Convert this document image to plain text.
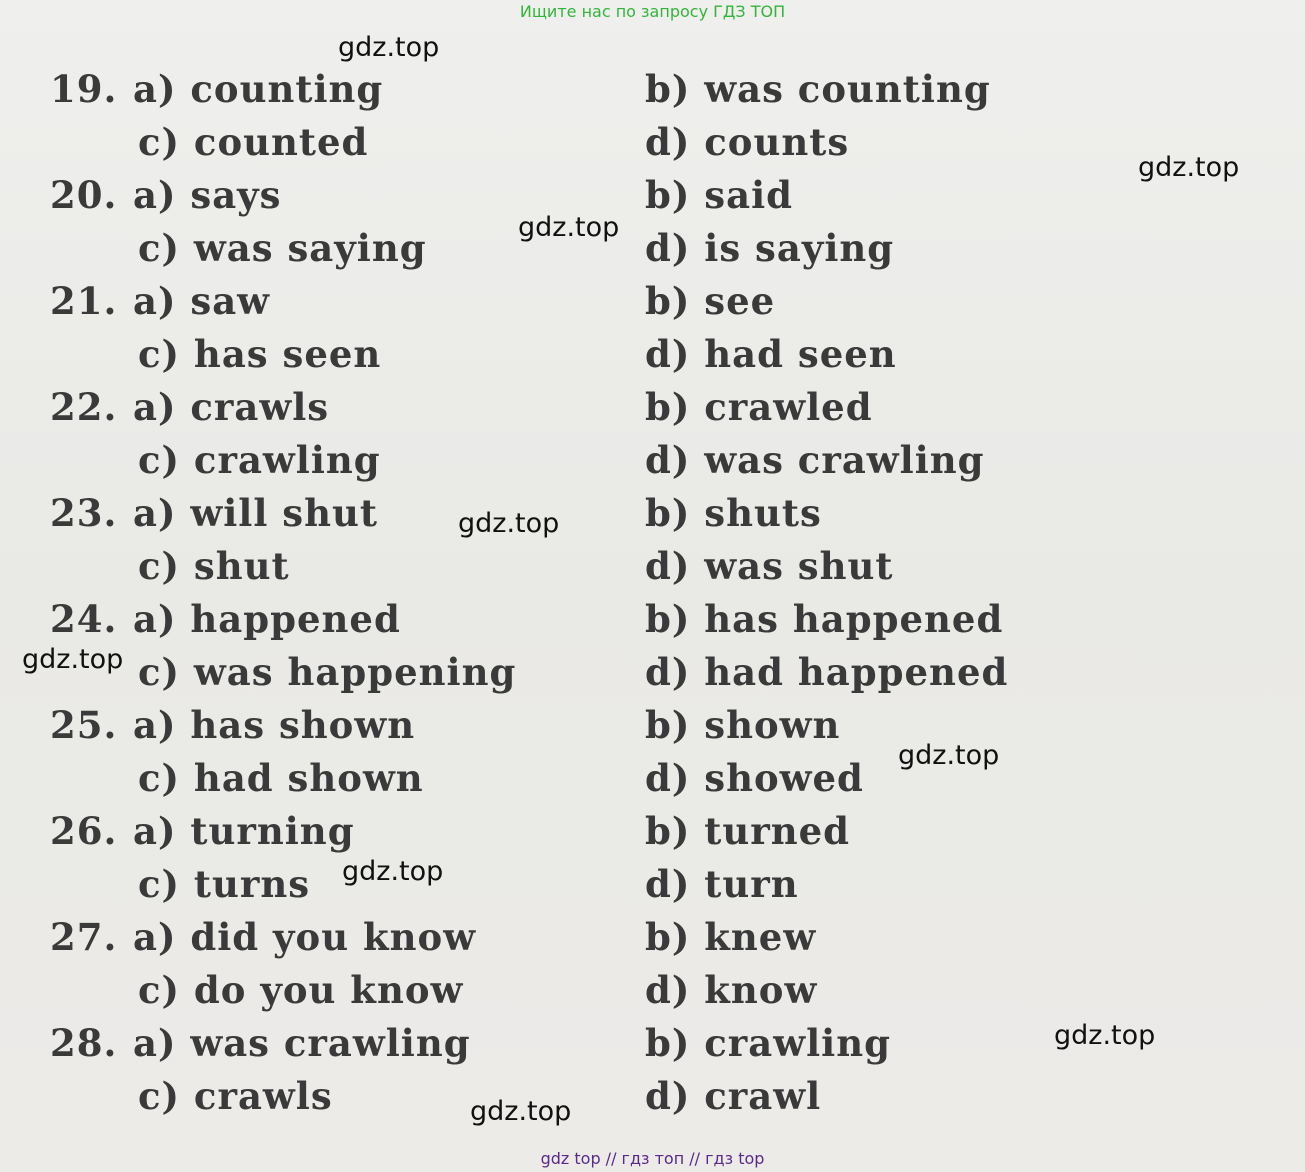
Ищите нас по запросу ГДЗ ТОП
19. a) counting	b) was counting
c) counted	d) counts
20. a) says	b) said
c) was saying	d) is saying
21. a) saw	b) see
c) has seen	d) had seen
22. a) crawls	b) crawled
c) crawling	d) was crawling
23. a) will shut	b) shuts
c) shut	d) was shut
24. a) happened	b) has happened
c) was happening	d) had happened
25. a) has shown	b) shown
c) had shown	d) showed
26. a) turning	b) turned
c) turns	d) turn
27. a) did you know	b) knew
c) do you know	d) know
28. a) was crawling	b) crawling
c) crawls	d) crawl
gdz.top
gdz.top
gdz.top
gdz.top
gdz.top
gdz.top
gdz.top
gdz.top
gdz.top
gdz top // гдз топ // гдз top
